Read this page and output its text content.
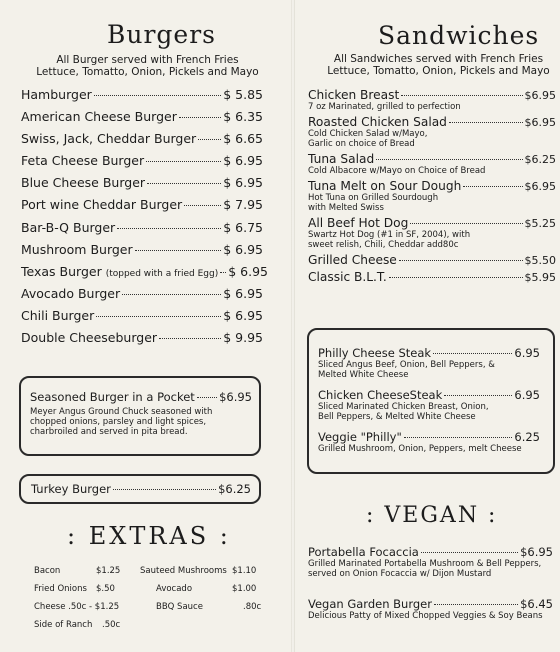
Burgers
All Burger served with French Fries
Lettuce, Tomatto, Onion, Pickels and Mayo
Hamburger	$ 5.85
American Cheese Burger	$ 6.35
Swiss, Jack, Cheddar Burger $ 6.65
Feta Cheese Burger	$ 6.95
Blue Cheese Burger	$ 6.95
Port wine Cheddar Burger	$ 7.95
Bar-B-Q Burger	$ 6.75
Mushroom Burger	$ 6.95
Texas Burger (topped with a fried Egg) $ 6.95
Avocado Burger	$ 6.95
Chili Burger	$ 6.95
Double Cheeseburger	$ 9.95
Seasoned Burger in a Pocket $6.95
Meyer Angus Ground Chuck seasoned with
chopped onions, parsley and light spices,
charbroiled and served in pita bread.
Turkey Burger	$6.25
: EXTRAS :
Bacon	$1.25
Fried Onions $.50
Cheese .50c - $1.25
Side of Ranch .50c
Sauteed Mushrooms $1.10
Avocado	$1.00
BBQ Sauce	.80c
Sandwiches
All Sandwiches served with French Fries
Lettuce, Tomatto, Onion, Pickels and Mayo
Chicken Breast	$6.95
7 oz Marinated, grilled to perfection
Roasted Chicken Salad	$6.95
Cold Chicken Salad w/Mayo,
Garlic on choice of Bread
Tuna Salad	$6.25
Cold Albacore w/Mayo on Choice of Bread
Tuna Melt on Sour Dough	$6.95
Hot Tuna on Grilled Sourdough
with Melted Swiss
All Beef Hot Dog	$5.25
Swartz Hot Dog (#1 in SF, 2004), with
sweet relish, Chili, Cheddar add80c
Grilled Cheese	$5.50
Classic B.L.T.	$5.95
Philly Cheese Steak	6.95
Sliced Angus Beef, Onion, Bell Peppers, &
Melted White Cheese
Chicken CheeseSteak	6.95
Sliced Marinated Chicken Breast, Onion,
Bell Peppers, & Melted White Cheese
Veggie "Philly"	6.25
Grilled Mushroom, Onion, Peppers, melt Cheese
: VEGAN :
Portabella Focaccia	$6.95
Grilled Marinated Portabella Mushroom & Bell Peppers,
served on Onion Focaccia w/ Dijon Mustard
Vegan Garden Burger	$6.45
Delicious Patty of Mixed Chopped Veggies & Soy Beans
